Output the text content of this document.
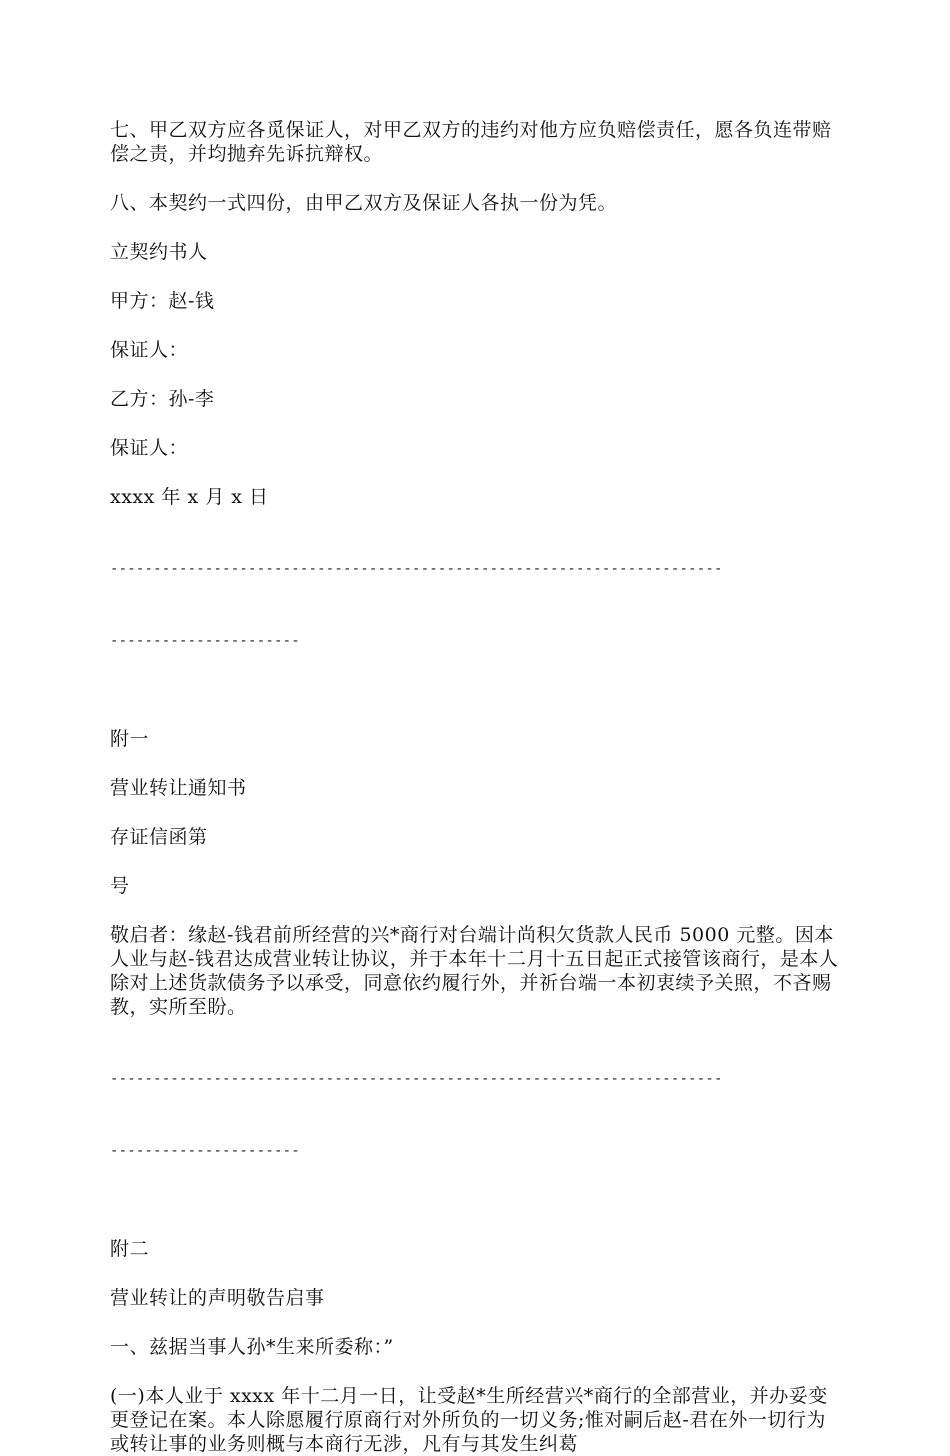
七、甲乙双方应各觅保证人，对甲乙双方的违约对他方应负赔偿责任，愿各负连带赔偿之责，并均抛弃先诉抗辩权。

八、本契约一式四份，由甲乙双方及保证人各执一份为凭。

立契约书人

甲方：赵-钱

保证人：

乙方：孙-李

保证人：

xxxx 年 x 月 x 日

-----------------------------------------------------------------------

----------------------

附一

营业转让通知书

存证信函第

号

敬启者：缘赵-钱君前所经营的兴*商行对台端计尚积欠货款人民币 5000 元整。因本人业与赵-钱君达成营业转让协议，并于本年十二月十五日起正式接管该商行，是本人除对上述货款债务予以承受，同意依约履行外，并祈台端一本初衷续予关照，不吝赐教，实所至盼。

-----------------------------------------------------------------------

----------------------

附二

营业转让的声明敬告启事

一、兹据当事人孙*生来所委称：”

(一)本人业于 xxxx 年十二月一日，让受赵*生所经营兴*商行的全部营业，并办妥变更登记在案。本人除愿履行原商行对外所负的一切义务;惟对嗣后赵-君在外一切行为或转让事的业务则概与本商行无涉，凡有与其发生纠葛
